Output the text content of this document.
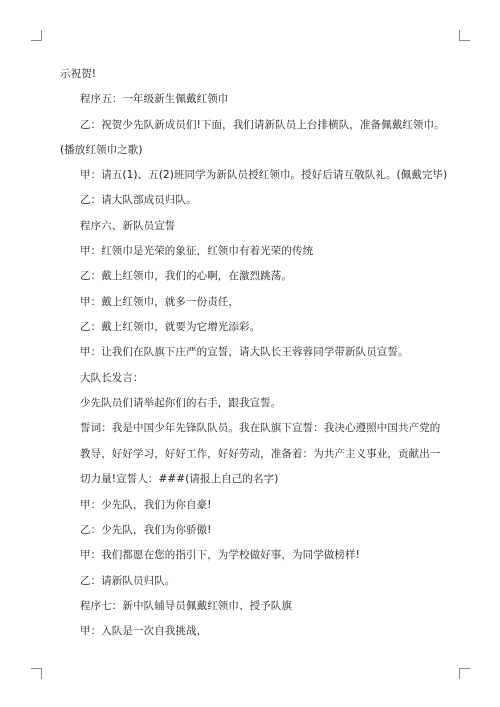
示祝贺!
程序五：一年级新生佩戴红领巾
乙：祝贺少先队新成员们!下面，我们请新队员上台排横队，准备佩戴红领巾。
(播放红领巾之歌)
甲：请五(1)、五(2)班同学为新队员授红领巾。授好后请互敬队礼。(佩戴完毕)
乙：请大队部成员归队。
程序六、新队员宣誓
甲：红领巾是光荣的象征，红领巾有着光荣的传统
乙：戴上红领巾，我们的心啊，在激烈跳荡。
甲：戴上红领巾，就多一份责任，
乙：戴上红领巾，就要为它增光添彩。
甲：让我们在队旗下庄严的宣誓，请大队长王蓉蓉同学带新队员宣誓。
大队长发言：
少先队员们请举起你们的右手，跟我宣誓。
誓词：我是中国少年先锋队队员。我在队旗下宣誓：我决心遵照中国共产党的教导，好好学习，好好工作，好好劳动，准备着：为共产主义事业，贡献出一切力量!宣誓人：###(请报上自己的名字)
甲：少先队，我们为你自豪!
乙：少先队，我们为你骄傲!
甲：我们都愿在您的指引下，为学校做好事，为同学做榜样!
乙：请新队员归队。
程序七：新中队辅导员佩戴红领巾、授予队旗
甲：入队是一次自我挑战，
